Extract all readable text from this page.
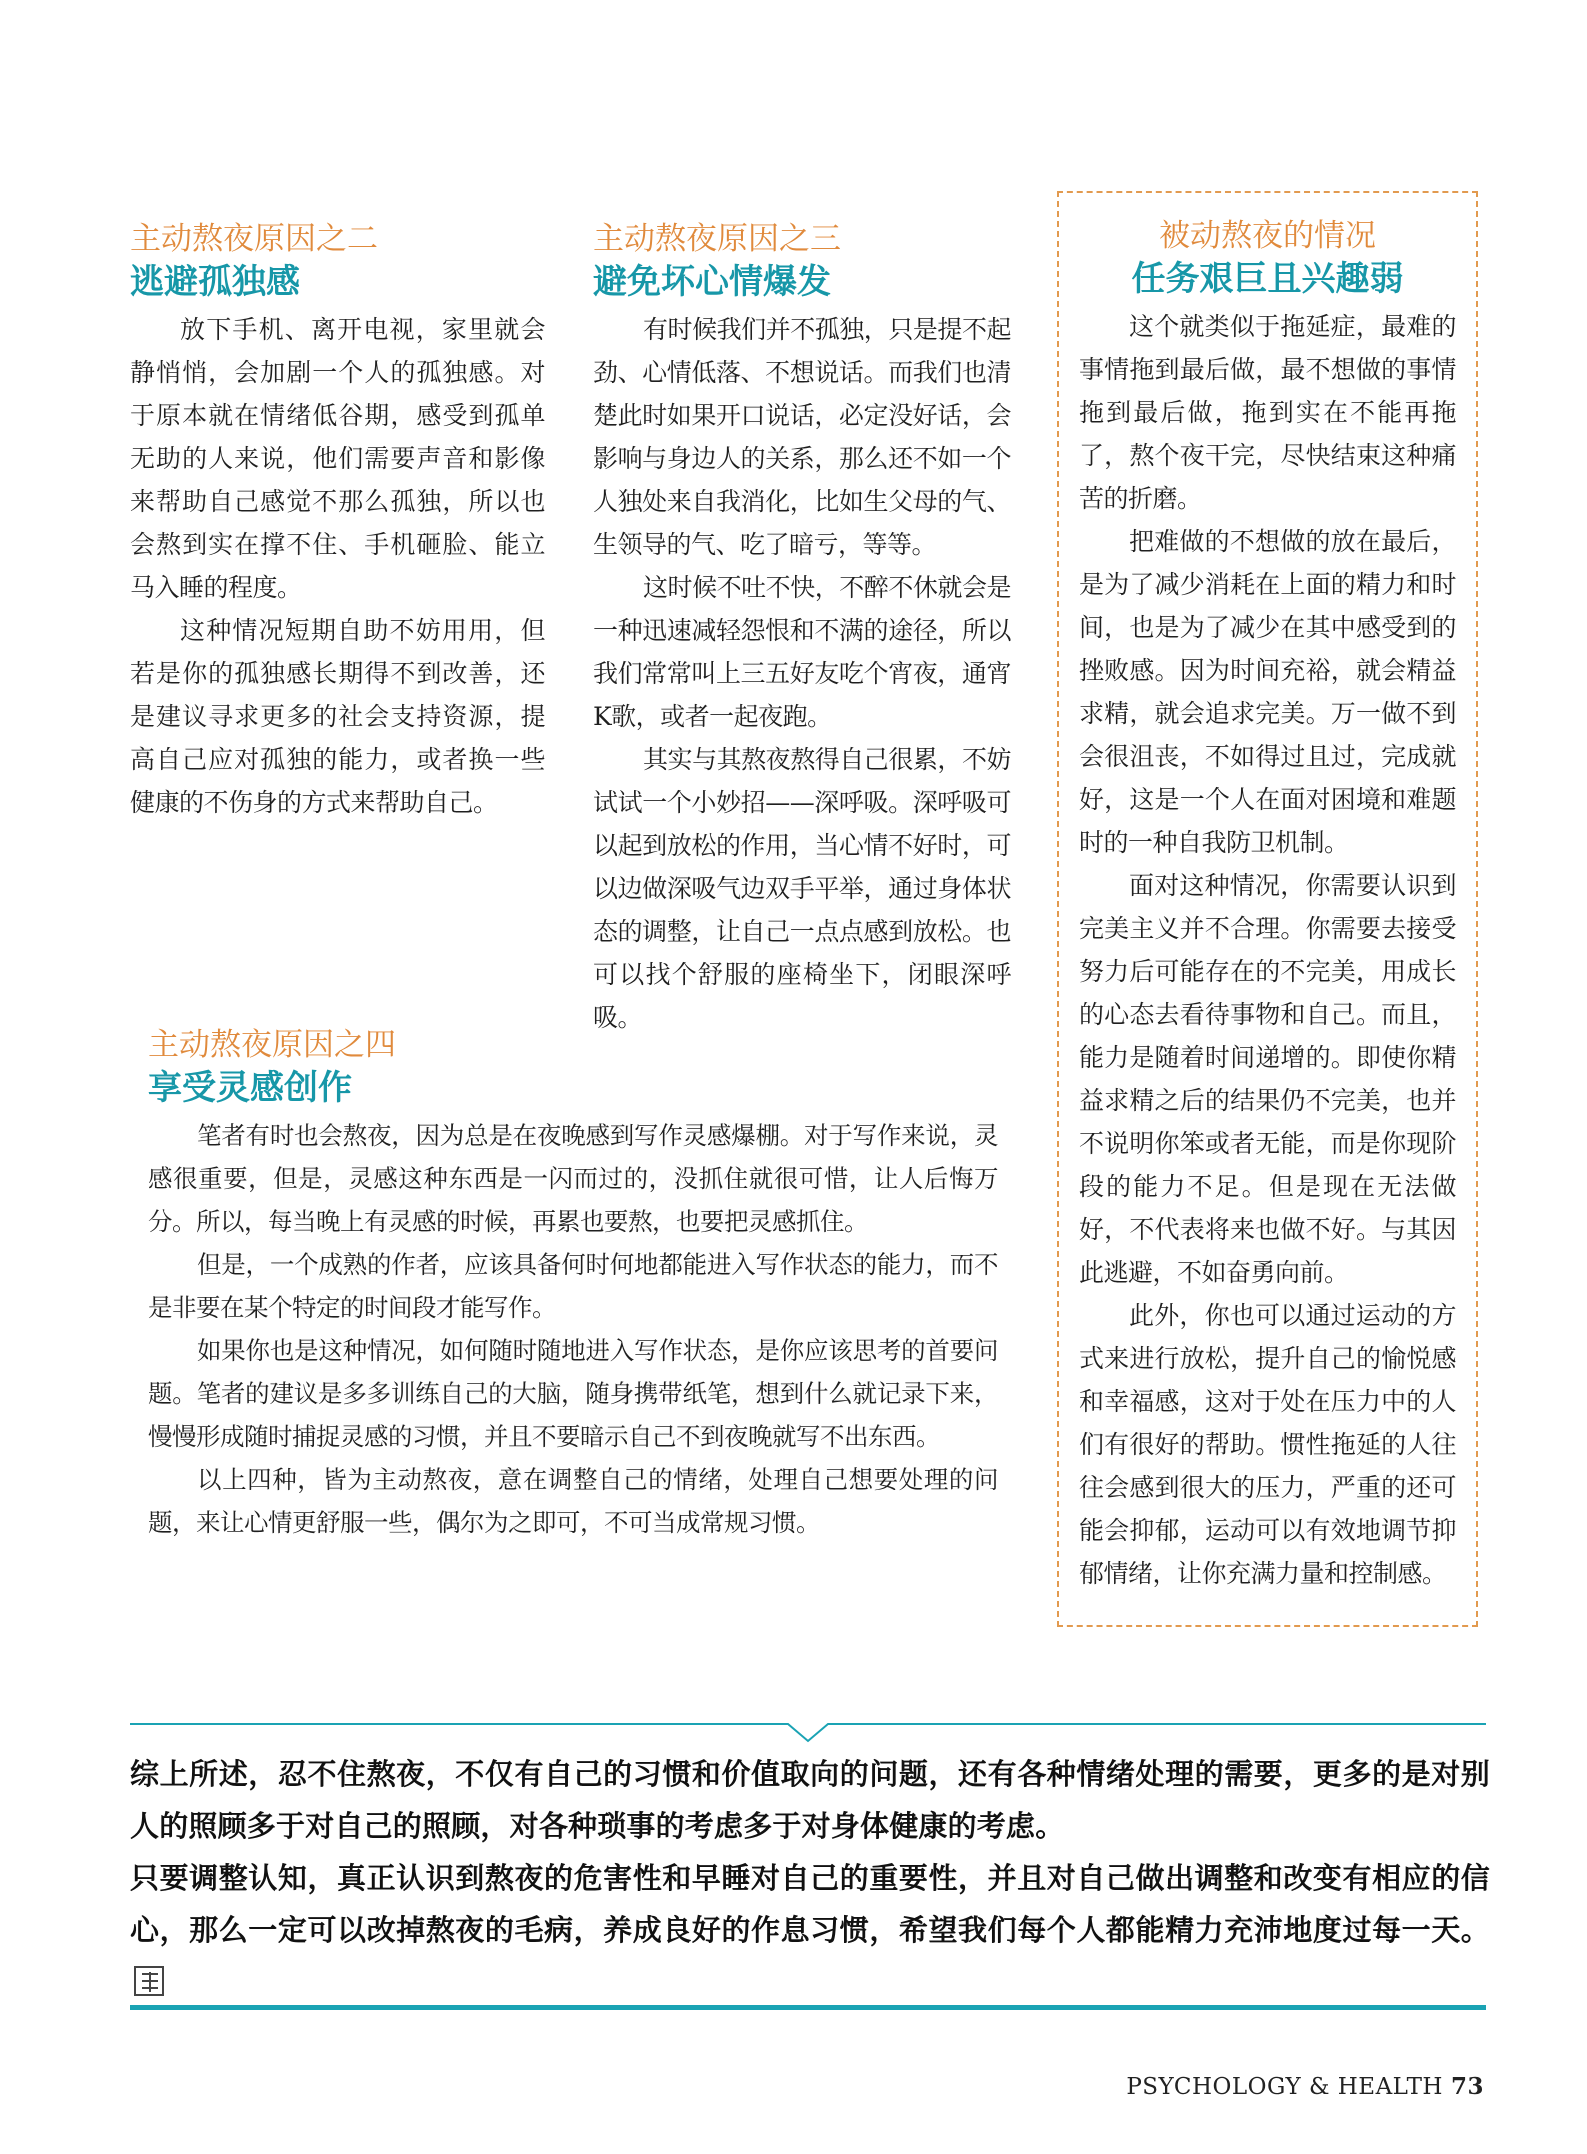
主动熬夜原因之二
逃避孤独感

放下手机、离开电视，家里就会静悄悄，会加剧一个人的孤独感。对于原本就在情绪低谷期，感受到孤单无助的人来说，他们需要声音和影像来帮助自己感觉不那么孤独，所以也会熬到实在撑不住、手机砸脸、能立马入睡的程度。

这种情况短期自助不妨用用，但若是你的孤独感长期得不到改善，还是建议寻求更多的社会支持资源，提高自己应对孤独的能力，或者换一些健康的不伤身的方式来帮助自己。

主动熬夜原因之三
避免坏心情爆发

有时候我们并不孤独，只是提不起劲、心情低落、不想说话。而我们也清楚此时如果开口说话，必定没好话，会影响与身边人的关系，那么还不如一个人独处来自我消化，比如生父母的气、生领导的气、吃了暗亏，等等。

这时候不吐不快，不醉不休就会是一种迅速减轻怨恨和不满的途径，所以我们常常叫上三五好友吃个宵夜，通宵K歌，或者一起夜跑。

其实与其熬夜熬得自己很累，不妨试试一个小妙招——深呼吸。深呼吸可以起到放松的作用，当心情不好时，可以边做深吸气边双手平举，通过身体状态的调整，让自己一点点感到放松。也可以找个舒服的座椅坐下，闭眼深呼吸。

主动熬夜原因之四
享受灵感创作

笔者有时也会熬夜，因为总是在夜晚感到写作灵感爆棚。对于写作来说，灵感很重要，但是，灵感这种东西是一闪而过的，没抓住就很可惜，让人后悔万分。所以，每当晚上有灵感的时候，再累也要熬，也要把灵感抓住。

但是，一个成熟的作者，应该具备何时何地都能进入写作状态的能力，而不是非要在某个特定的时间段才能写作。

如果你也是这种情况，如何随时随地进入写作状态，是你应该思考的首要问题。笔者的建议是多多训练自己的大脑，随身携带纸笔，想到什么就记录下来，慢慢形成随时捕捉灵感的习惯，并且不要暗示自己不到夜晚就写不出东西。

以上四种，皆为主动熬夜，意在调整自己的情绪，处理自己想要处理的问题，来让心情更舒服一些，偶尔为之即可，不可当成常规习惯。

被动熬夜的情况
任务艰巨且兴趣弱

这个就类似于拖延症，最难的事情拖到最后做，最不想做的事情拖到最后做，拖到实在不能再拖了，熬个夜干完，尽快结束这种痛苦的折磨。

把难做的不想做的放在最后，是为了减少消耗在上面的精力和时间，也是为了减少在其中感受到的挫败感。因为时间充裕，就会精益求精，就会追求完美。万一做不到会很沮丧，不如得过且过，完成就好，这是一个人在面对困境和难题时的一种自我防卫机制。

面对这种情况，你需要认识到完美主义并不合理。你需要去接受努力后可能存在的不完美，用成长的心态去看待事物和自己。而且，能力是随着时间递增的。即使你精益求精之后的结果仍不完美，也并不说明你笨或者无能，而是你现阶段的能力不足。但是现在无法做好，不代表将来也做不好。与其因此逃避，不如奋勇向前。

此外，你也可以通过运动的方式来进行放松，提升自己的愉悦感和幸福感，这对于处在压力中的人们有很好的帮助。惯性拖延的人往往会感到很大的压力，严重的还可能会抑郁，运动可以有效地调节抑郁情绪，让你充满力量和控制感。

综上所述，忍不住熬夜，不仅有自己的习惯和价值取向的问题，还有各种情绪处理的需要，更多的是对别人的照顾多于对自己的照顾，对各种琐事的考虑多于对身体健康的考虑。

只要调整认知，真正认识到熬夜的危害性和早睡对自己的重要性，并且对自己做出调整和改变有相应的信心，那么一定可以改掉熬夜的毛病，养成良好的作息习惯，希望我们每个人都能精力充沛地度过每一天。

PSYCHOLOGY & HEALTH 73
